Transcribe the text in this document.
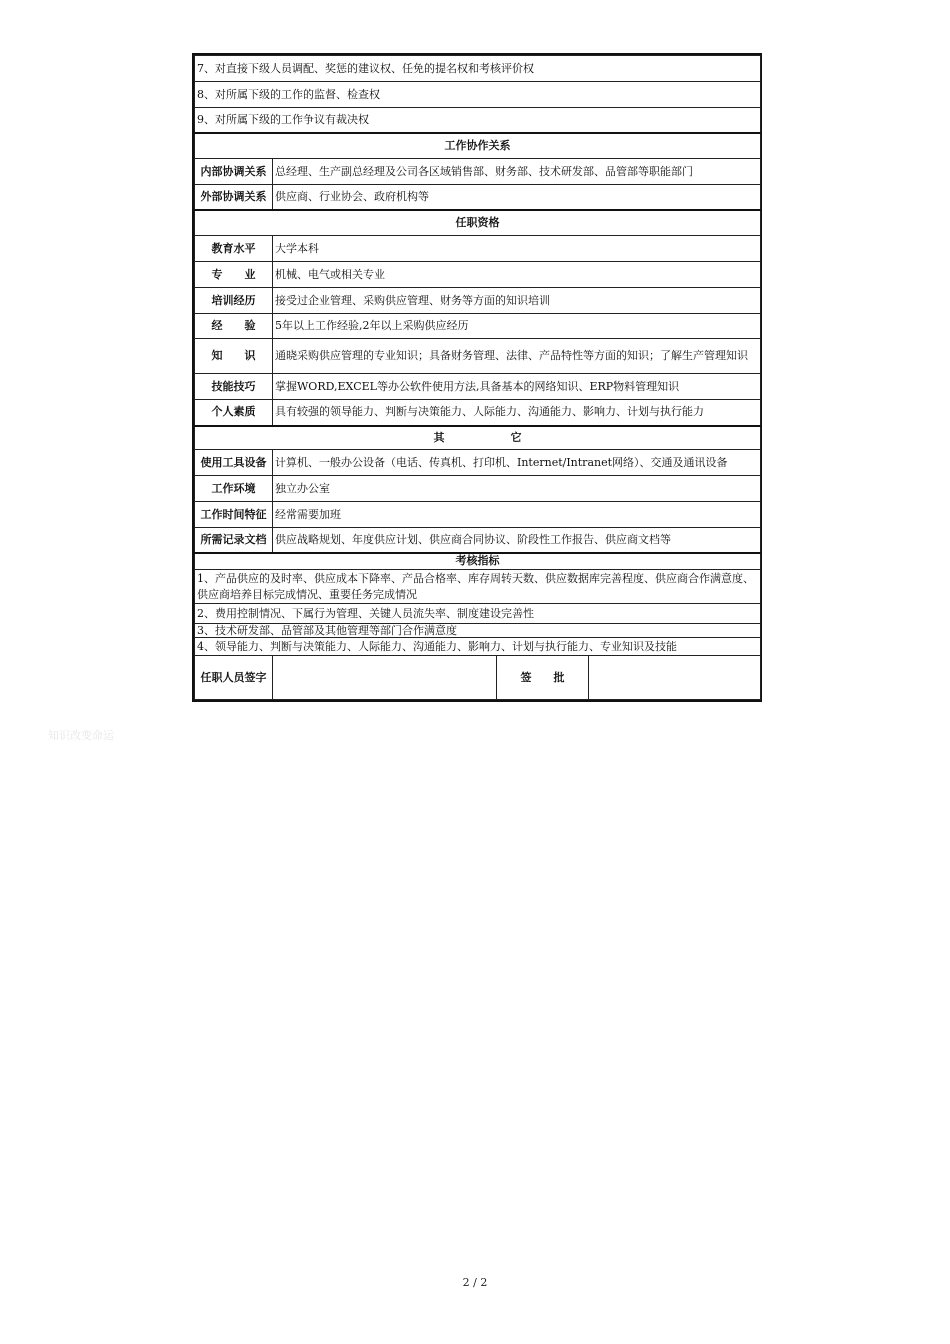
7、对直接下级人员调配、奖惩的建议权、任免的提名权和考核评价权			
8、对所属下级的工作的监督、检查权			
9、对所属下级的工作争议有裁决权			
工作协作关系			
内部协调关系	总经理、生产副总经理及公司各区域销售部、财务部、技术研发部、品管部等职能部门		
外部协调关系	供应商、行业协会、政府机构等		
任职资格			
教育水平	大学本科		
专　　业	机械、电气或相关专业		
培训经历	接受过企业管理、采购供应管理、财务等方面的知识培训		
经　　验	5年以上工作经验,2年以上采购供应经历		
知　　识	通晓采购供应管理的专业知识；具备财务管理、法律、产品特性等方面的知识；了解生产管理知识		
技能技巧	掌握WORD,EXCEL等办公软件使用方法,具备基本的网络知识、ERP物料管理知识		
个人素质	具有较强的领导能力、判断与决策能力、人际能力、沟通能力、影响力、计划与执行能力		
其　　　　　　它			
使用工具设备	计算机、一般办公设备（电话、传真机、打印机、Internet/Intranet网络）、交通及通讯设备		
工作环境	独立办公室		
工作时间特征	经常需要加班		
所需记录文档	供应战略规划、年度供应计划、供应商合同协议、阶段性工作报告、供应商文档等		
考核指标			
1、产品供应的及时率、供应成本下降率、产品合格率、库存周转天数、供应数据库完善程度、供应商合作满意度、供应商培养目标完成情况、重要任务完成情况			
2、费用控制情况、下属行为管理、关键人员流失率、制度建设完善性			
3、技术研发部、品管部及其他管理等部门合作满意度			
4、领导能力、判断与决策能力、人际能力、沟通能力、影响力、计划与执行能力、专业知识及技能			
任职人员签字		签　　批	
知识改变命运
2 / 2
